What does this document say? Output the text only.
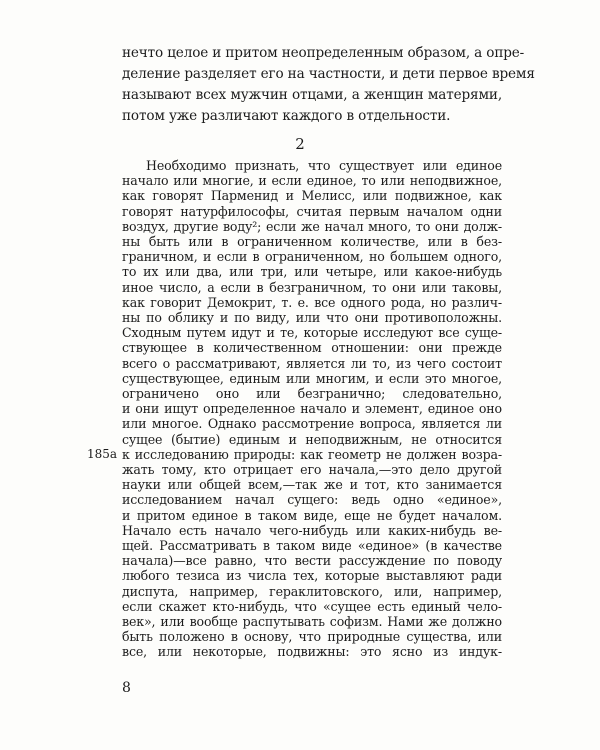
нечто целое и притом неопределенным образом, а опре-
деление разделяет его на частности, и дети первое время
называют всех мужчин отцами, а женщин матерями,
потом уже различают каждого в отдельности.
2
Необходимо признать, что существует или единое
начало или многие, и если единое, то или неподвижное,
как говорят Парменид и Мелисс, или подвижное, как
говорят натурфилософы, считая первым началом одни
воздух, другие воду²; если же начал много, то они долж-
ны быть или в ограниченном количестве, или в без-
граничном, и если в ограниченном, но большем одного,
то их или два, или три, или четыре, или какое-нибудь
иное число, а если в безграничном, то они или таковы,
как говорит Демокрит, т. е. все одного рода, но различ-
ны по облику и по виду, или что они противоположны.
Сходным путем идут и те, которые исследуют все суще-
ствующее в количественном отношении: они прежде
всего о рассматривают, является ли то, из чего состоит
существующее, единым или многим, и если это многое,
ограничено оно или безгранично; следовательно,
и они ищут определенное начало и элемент, единое оно
или многое. Однако рассмотрение вопроса, является ли
сущее (бытие) единым и неподвижным, не относится
к исследованию природы: как геометр не должен возра-
жать тому, кто отрицает его начала,—это дело другой
науки или общей всем,—так же и тот, кто занимается
исследованием начал сущего: ведь одно «единое»,
и притом единое в таком виде, еще не будет началом.
Начало есть начало чего-нибудь или каких-нибудь ве-
щей. Рассматривать в таком виде «единое» (в качестве
начала)—все равно, что вести рассуждение по поводу
любого тезиса из числа тех, которые выставляют ради
диспута, например, гераклитовского, или, например,
если скажет кто-нибудь, что «сущее есть единый чело-
век», или вообще распутывать софизм. Нами же должно
быть положено в основу, что природные существа, или
все, или некоторые, подвижны: это ясно из индук-
185a
8
